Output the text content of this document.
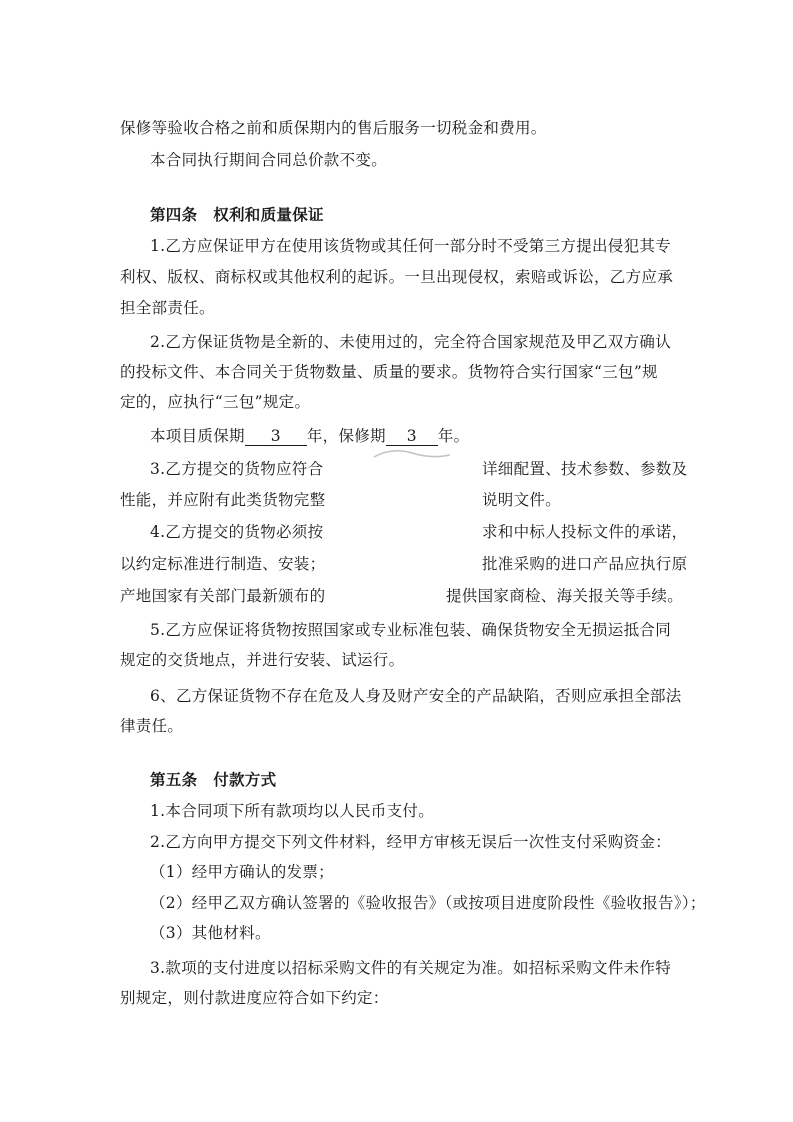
保修等验收合格之前和质保期内的售后服务一切税金和费用。
本合同执行期间合同总价款不变。
第四条　权利和质量保证
1.乙方应保证甲方在使用该货物或其任何一部分时不受第三方提出侵犯其专
利权、版权、商标权或其他权利的起诉。一旦出现侵权，索赔或诉讼，乙方应承
担全部责任。
2.乙方保证货物是全新的、未使用过的，完全符合国家规范及甲乙双方确认
的投标文件、本合同关于货物数量、质量的要求。货物符合实行国家“三包”规
定的，应执行“三包”规定。
本项目质保期 3 年，保修期 3 年。
3.乙方提交的货物应符合	详细配置、技术参数、参数及
性能，并应附有此类货物完整	说明文件。
4.乙方提交的货物必须按	求和中标人投标文件的承诺，
以约定标准进行制造、安装；	批准采购的进口产品应执行原
产地国家有关部门最新颁布的	提供国家商检、海关报关等手续。
5.乙方应保证将货物按照国家或专业标准包装、确保货物安全无损运抵合同
规定的交货地点，并进行安装、试运行。
6、乙方保证货物不存在危及人身及财产安全的产品缺陷，否则应承担全部法
律责任。
第五条　付款方式
1.本合同项下所有款项均以人民币支付。
2.乙方向甲方提交下列文件材料，经甲方审核无误后一次性支付采购资金：
（1）经甲方确认的发票；
（2）经甲乙双方确认签署的《验收报告》（或按项目进度阶段性《验收报告》）；
（3）其他材料。
3.款项的支付进度以招标采购文件的有关规定为准。如招标采购文件未作特
别规定，则付款进度应符合如下约定：
